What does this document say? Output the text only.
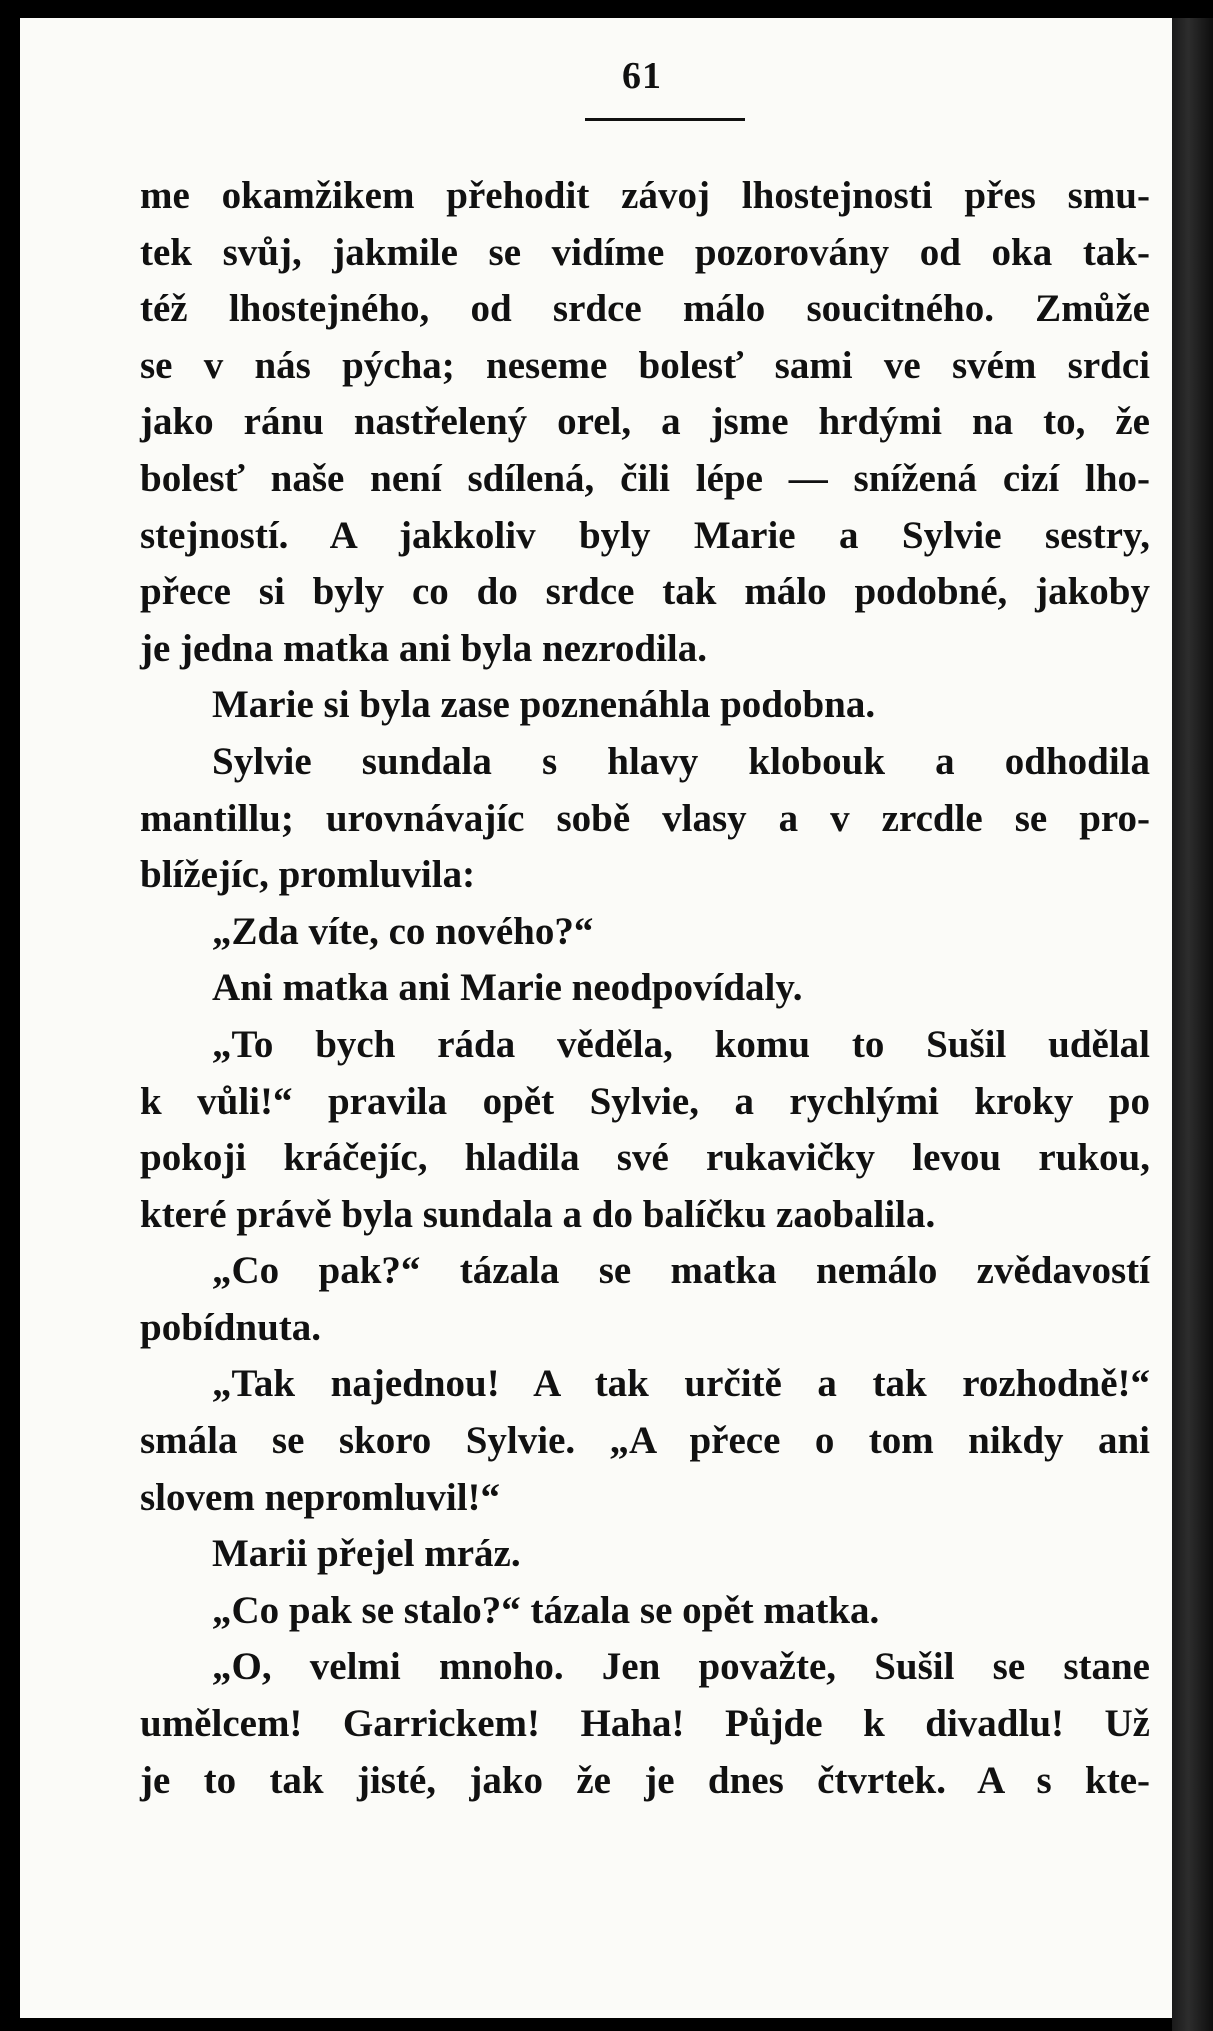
61
me okamžikem přehodit závoj lhostejnosti přes smu-
tek svůj, jakmile se vidíme pozorovány od oka tak-
též lhostejného, od srdce málo soucitného. Zmůže
se v nás pýcha; neseme bolesť sami ve svém srdci
jako ránu nastřelený orel, a jsme hrdými na to, že
bolesť naše není sdílená, čili lépe — snížená cizí lho-
stejností. A jakkoliv byly Marie a Sylvie sestry,
přece si byly co do srdce tak málo podobné, jakoby
je jedna matka ani byla nezrodila.
Marie si byla zase poznenáhla podobna.
Sylvie sundala s hlavy klobouk a odhodila
mantillu; urovnávajíc sobě vlasy a v zrcdle se pro-
blížejíc, promluvila:
„Zda víte, co nového?“
Ani matka ani Marie neodpovídaly.
„To bych ráda věděla, komu to Sušil udělal
k vůli!“ pravila opět Sylvie, a rychlými kroky po
pokoji kráčejíc, hladila své rukavičky levou rukou,
které právě byla sundala a do balíčku zaobalila.
„Co pak?“ tázala se matka nemálo zvědavostí
pobídnuta.
„Tak najednou! A tak určitě a tak rozhodně!“
smála se skoro Sylvie. „A přece o tom nikdy ani
slovem nepromluvil!“
Marii přejel mráz.
„Co pak se stalo?“ tázala se opět matka.
„O, velmi mnoho. Jen považte, Sušil se stane
umělcem! Garrickem! Haha! Půjde k divadlu! Už
je to tak jisté, jako že je dnes čtvrtek. A s kte-
